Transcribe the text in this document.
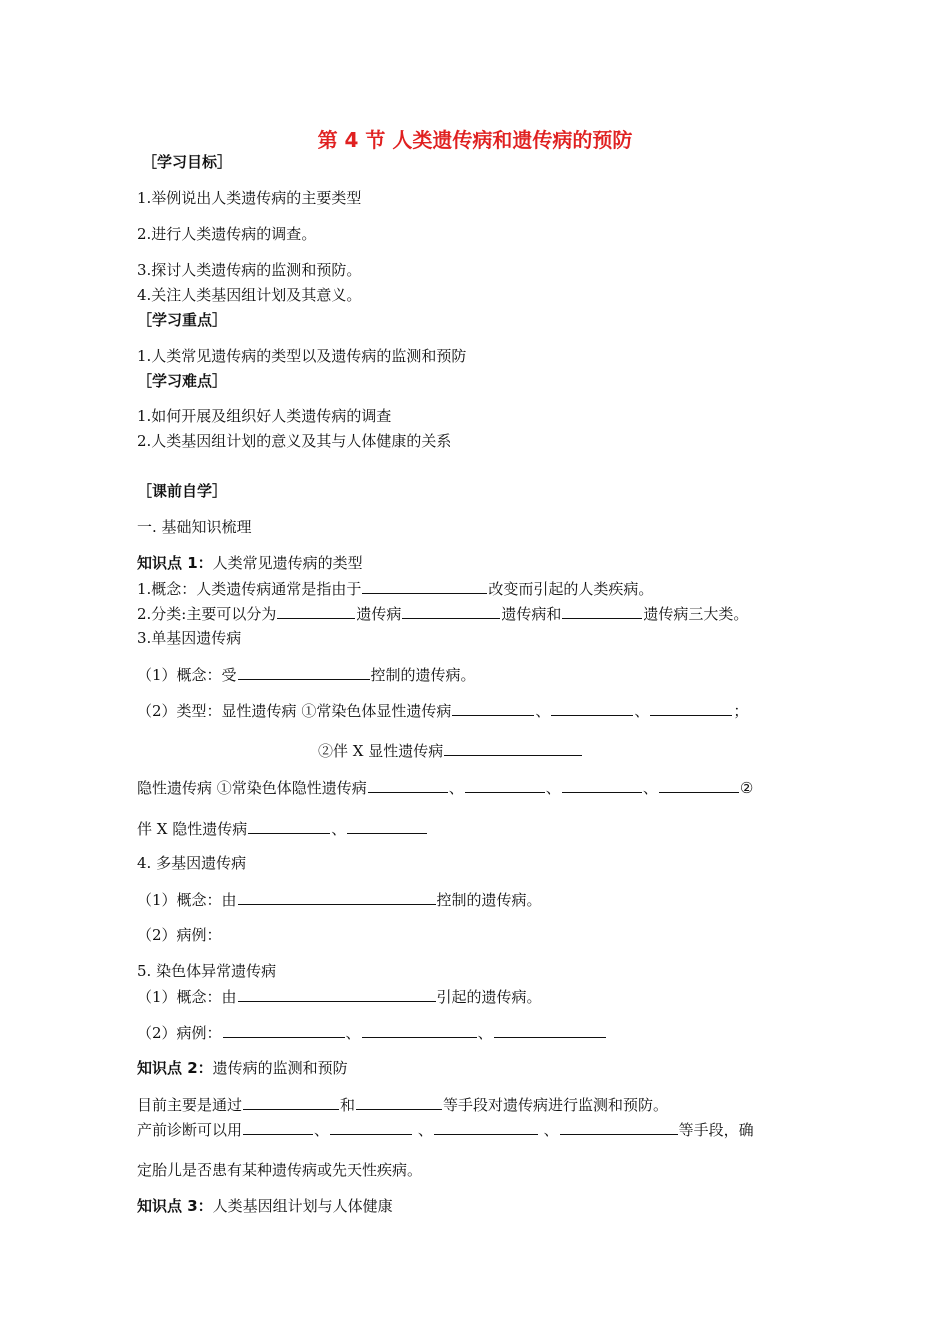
第 4 节 人类遗传病和遗传病的预防
［学习目标］
1.举例说出人类遗传病的主要类型
2.进行人类遗传病的调查。
3.探讨人类遗传病的监测和预防。
4.关注人类基因组计划及其意义。
［学习重点］
1.人类常见遗传病的类型以及遗传病的监测和预防
［学习难点］
1.如何开展及组织好人类遗传病的调查
2.人类基因组计划的意义及其与人体健康的关系
［课前自学］
一. 基础知识梳理
知识点 1：人类常见遗传病的类型
1.概念：人类遗传病通常是指由于	改变而引起的人类疾病。
2.分类:主要可以分为	遗传病	遗传病和	遗传病三大类。
3.单基因遗传病
（1）概念：受	控制的遗传病。
（2）类型：显性遗传病 ①常染色体显性遗传病	、	、	；
②伴 X 显性遗传病
隐性遗传病 ①常染色体隐性遗传病	、	、	、	②
伴 X 隐性遗传病	、
4. 多基因遗传病
（1）概念：由	控制的遗传病。
（2）病例：
5. 染色体异常遗传病
（1）概念：由	引起的遗传病。
（2）病例：	、	、
知识点 2：遗传病的监测和预防
目前主要是通过	和	等手段对遗传病进行监测和预防。
产前诊断可以用	、	、	、	等手段，确
定胎儿是否患有某种遗传病或先天性疾病。
知识点 3：人类基因组计划与人体健康
